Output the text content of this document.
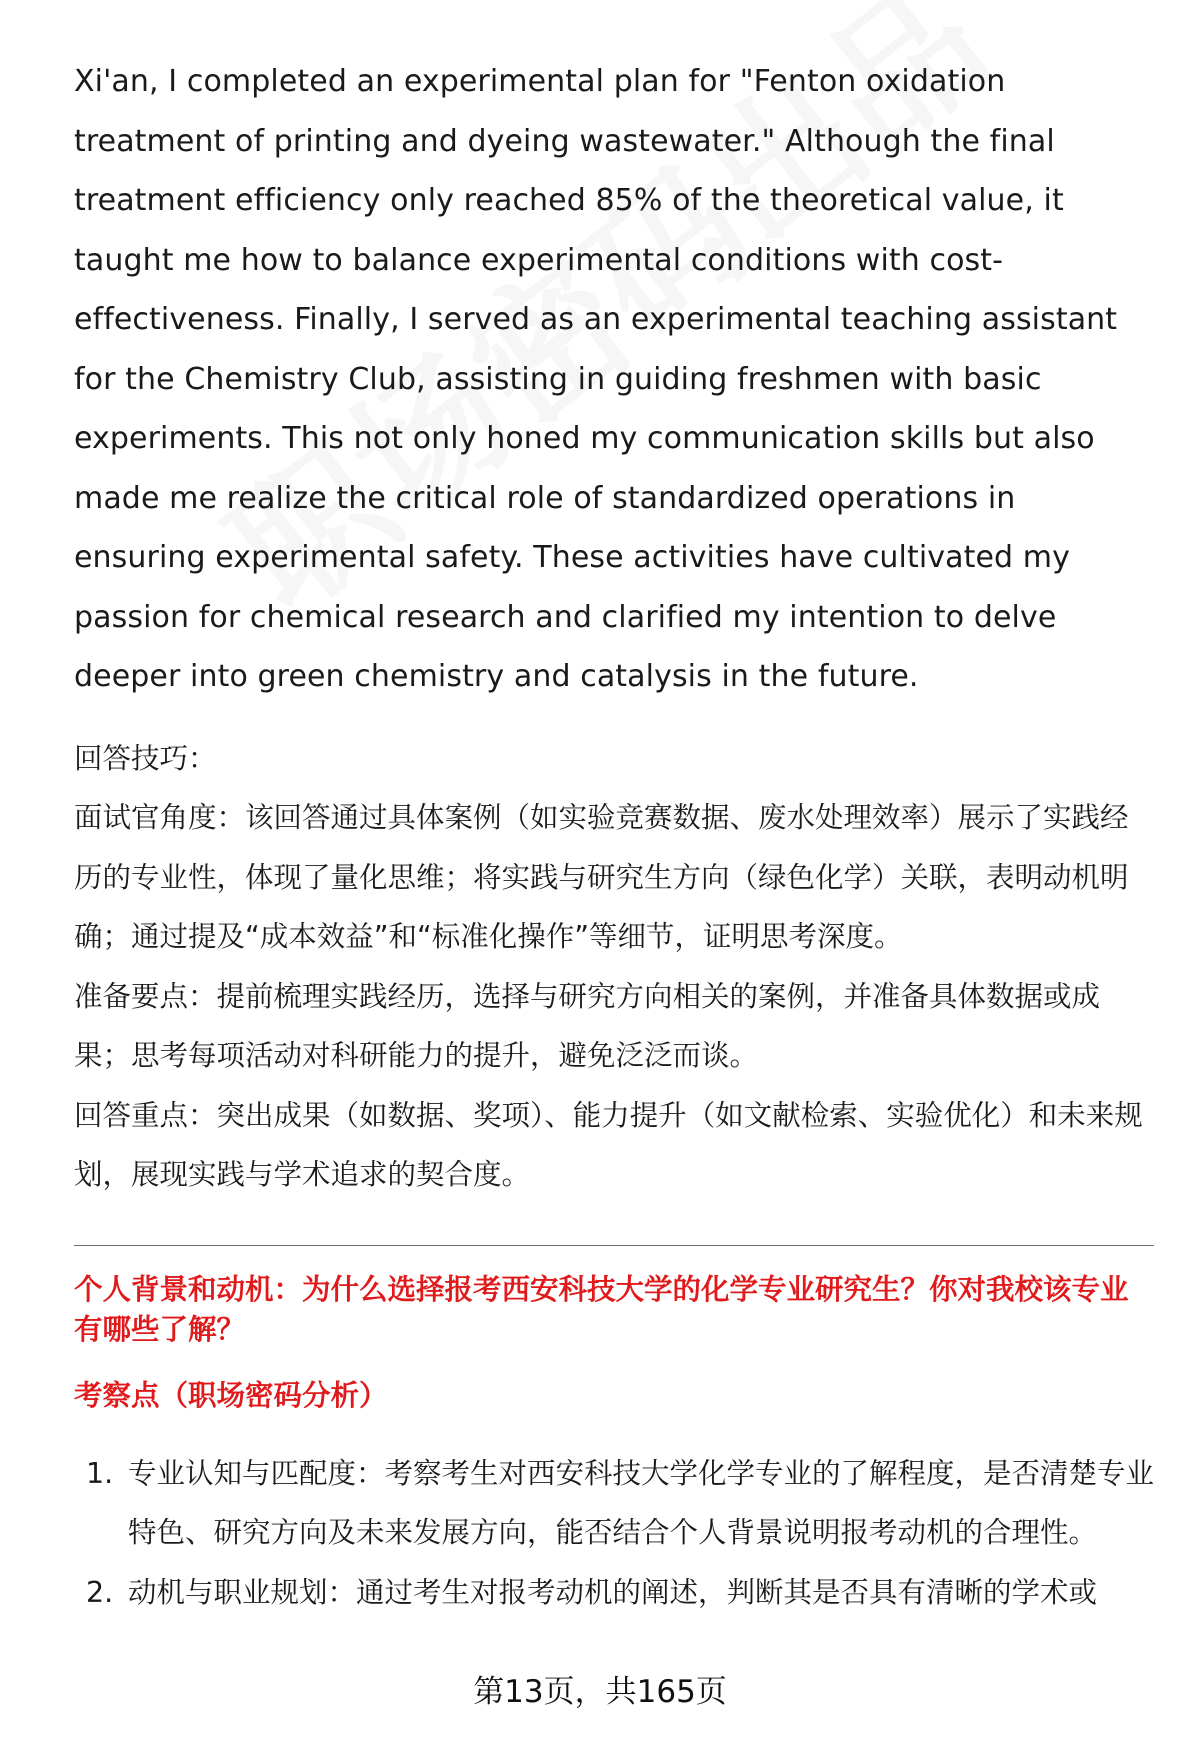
Xi'an, I completed an experimental plan for "Fenton oxidation treatment of printing and dyeing wastewater." Although the final treatment efficiency only reached 85% of the theoretical value, it taught me how to balance experimental conditions with cost-effectiveness. Finally, I served as an experimental teaching assistant for the Chemistry Club, assisting in guiding freshmen with basic experiments. This not only honed my communication skills but also made me realize the critical role of standardized operations in ensuring experimental safety. These activities have cultivated my passion for chemical research and clarified my intention to delve deeper into green chemistry and catalysis in the future.

回答技巧：

面试官角度：该回答通过具体案例（如实验竞赛数据、废水处理效率）展示了实践经历的专业性，体现了量化思维；将实践与研究生方向（绿色化学）关联，表明动机明确；通过提及“成本效益”和“标准化操作”等细节，证明思考深度。

准备要点：提前梳理实践经历，选择与研究方向相关的案例，并准备具体数据或成果；思考每项活动对科研能力的提升，避免泛泛而谈。

回答重点：突出成果（如数据、奖项）、能力提升（如文献检索、实验优化）和未来规划，展现实践与学术追求的契合度。

个人背景和动机：为什么选择报考西安科技大学的化学专业研究生？你对我校该专业有哪些了解？
考察点（职场密码分析）
1. 专业认知与匹配度：考察考生对西安科技大学化学专业的了解程度，是否清楚专业特色、研究方向及未来发展方向，能否结合个人背景说明报考动机的合理性。
2. 动机与职业规划：通过考生对报考动机的阐述，判断其是否具有清晰的学术或
第13页，共165页
